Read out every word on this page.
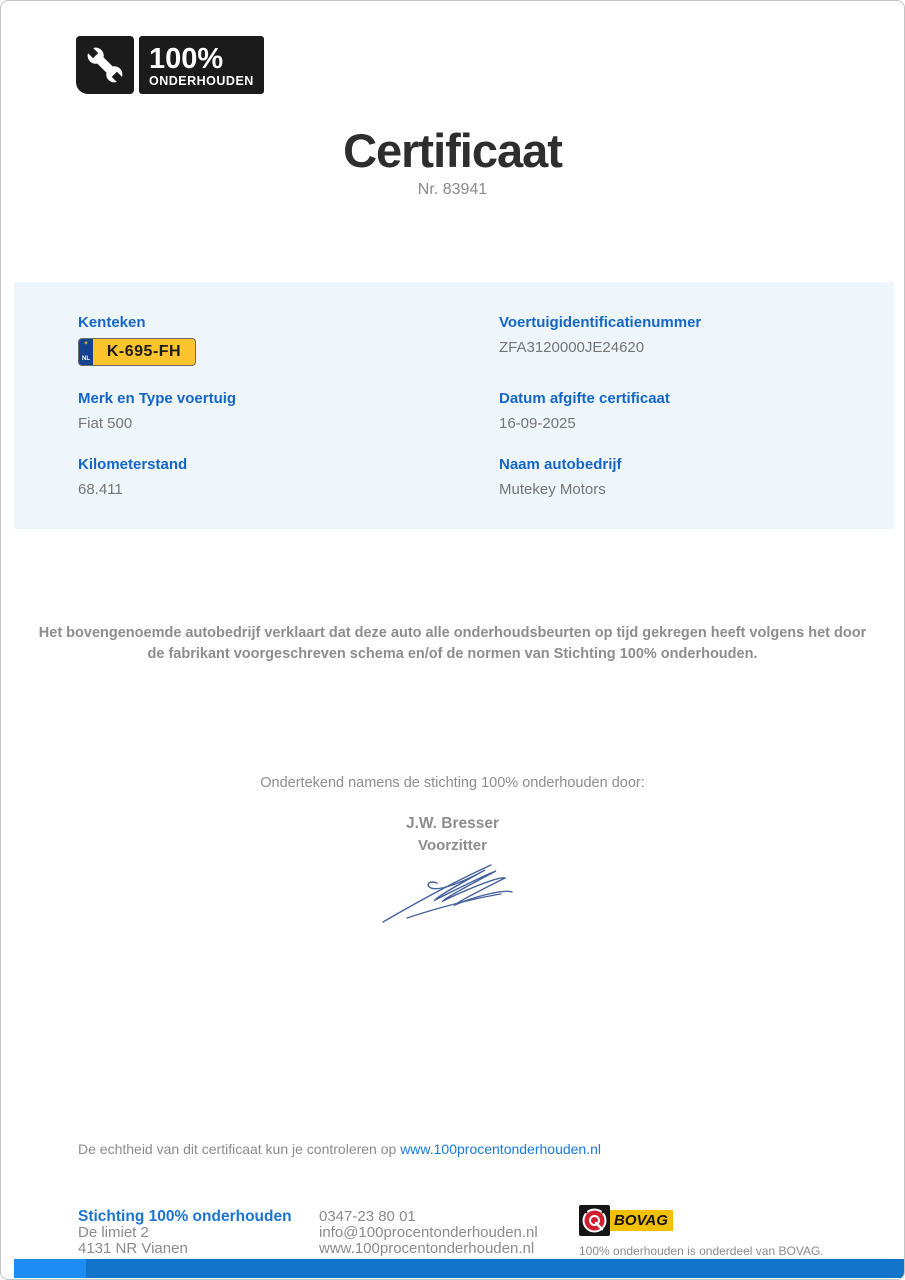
100%
ONDERHOUDEN
Certificaat
Nr. 83941
Kenteken
✶
NL	K-695-FH
Voertuigidentificatienummer
ZFA3120000JE24620
Merk en Type voertuig
Fiat 500
Datum afgifte certificaat
16-09-2025
Kilometerstand
68.411
Naam autobedrijf
Mutekey Motors
Het bovengenoemde autobedrijf verklaart dat deze auto alle onderhoudsbeurten op tijd gekregen heeft volgens het door de fabrikant voorgeschreven schema en/of de normen van Stichting 100% onderhouden.
Ondertekend namens de stichting 100% onderhouden door:
J.W. Bresser
Voorzitter
De echtheid van dit certificaat kun je controleren op www.100procentonderhouden.nl
Stichting 100% onderhouden
De limiet 2
4131 NR Vianen
0347-23 80 01
info@100procentonderhouden.nl
www.100procentonderhouden.nl
BOVAG
100% onderhouden is onderdeel van BOVAG.
